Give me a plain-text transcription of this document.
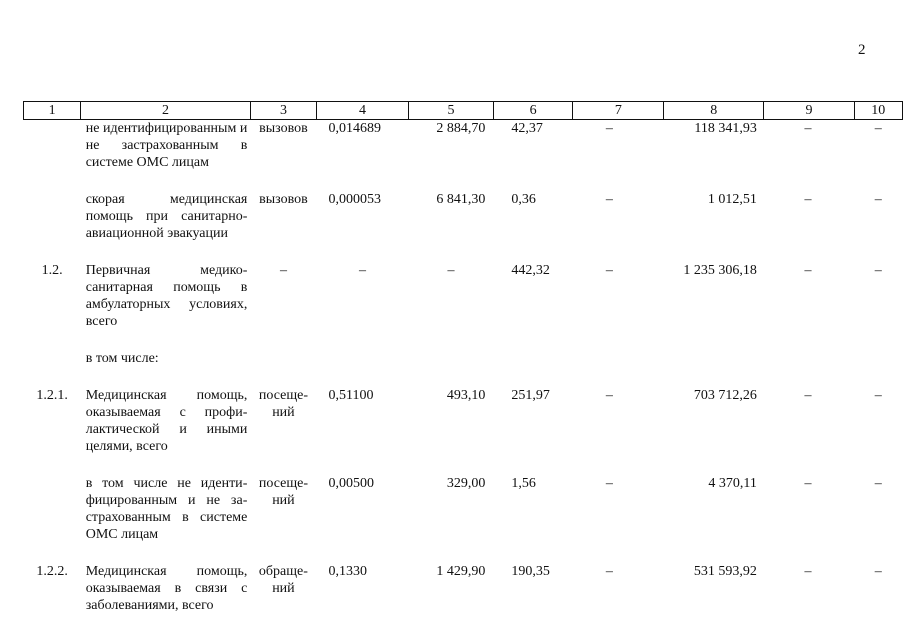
2
1	2	3	4	5	6	7	8	9	10
	не идентифицированным и не застрахованным в системе ОМС лицам	вызовов	0,014689	2 884,70	42,37	–	118 341,93	–	–
	скорая медицинская помощь при санитарно-авиационной эвакуации	вызовов	0,000053	6 841,30	0,36	–	1 012,51	–	–
1.2.	Первичная медико-санитарная помощь в амбулаторных условиях, всего	–	–	–	442,32	–	1 235 306,18	–	–
	в том числе:								
1.2.1.	Медицинская помощь, оказываемая с профилактической и иными целями, всего	посещений	0,51100	493,10	251,97	–	703 712,26	–	–
	в том числе не идентифицированным и не застрахованным в системе ОМС лицам	посещений	0,00500	329,00	1,56	–	4 370,11	–	–
1.2.2.	Медицинская помощь, оказываемая в связи с заболеваниями, всего	обращений	0,1330	1 429,90	190,35	–	531 593,92	–	–
